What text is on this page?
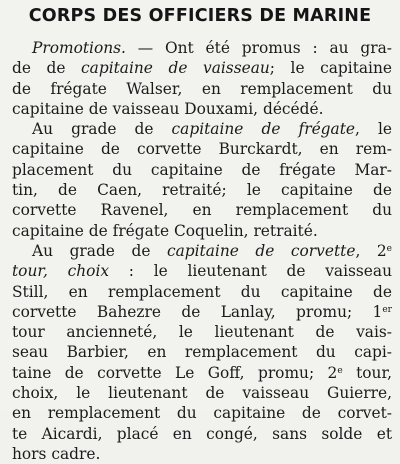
CORPS DES OFFICIERS DE MARINE
Promotions. — Ont été promus : au gra-
de de capitaine de vaisseau; le capitaine
de frégate Walser, en remplacement du
capitaine de vaisseau Douxami, décédé.
Au grade de capitaine de frégate, le
capitaine de corvette Burckardt, en rem-
placement du capitaine de frégate Mar-
tin, de Caen, retraité; le capitaine de
corvette Ravenel, en remplacement du
capitaine de frégate Coquelin, retraité.
Au grade de capitaine de corvette, 2e
tour, choix : le lieutenant de vaisseau
Still, en remplacement du capitaine de
corvette Bahezre de Lanlay, promu; 1er
tour ancienneté, le lieutenant de vais-
seau Barbier, en remplacement du capi-
taine de corvette Le Goff, promu; 2e tour,
choix, le lieutenant de vaisseau Guierre,
en remplacement du capitaine de corvet-
te Aicardi, placé en congé, sans solde et
hors cadre.
